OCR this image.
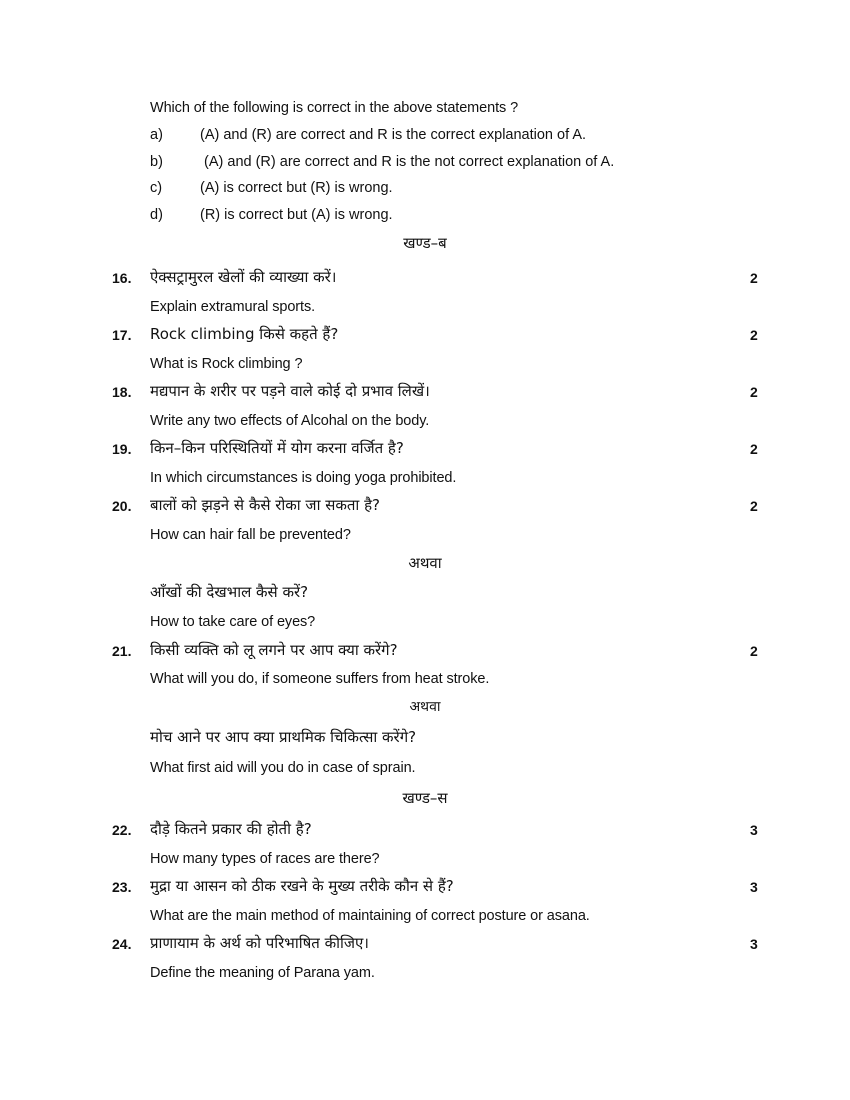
Which of the following is correct in the above statements ?
a)	(A) and (R) are correct and R is the correct explanation of A.
b)	(A) and (R) are correct and R is the not correct explanation of A.
c)	(A) is correct but (R) is wrong.
d)	(R) is correct but (A) is wrong.
खण्ड–ब
16. ऐक्सट्रामुरल खेलों की व्याख्या करें।	2
Explain extramural sports.
17. Rock climbing किसे कहते हैं?	2
What is Rock climbing ?
18. मद्यपान के शरीर पर पड़ने वाले कोई दो प्रभाव लिखें।	2
Write any two effects of Alcohal on the body.
19. किन–किन परिस्थितियों में योग करना वर्जित है?	2
In which circumstances is doing yoga prohibited.
20. बालों को झड़ने से कैसे रोका जा सकता है?	2
How can hair fall be prevented?
अथवा
आँखों की देखभाल कैसे करें?
How to take care of eyes?
21. किसी व्यक्ति को लू लगने पर आप क्या करेंगे?	2
What will you do, if someone suffers from heat stroke.
अथवा
मोच आने पर आप क्या प्राथमिक चिकित्सा करेंगे?
What first aid will you do in case of sprain.
खण्ड–स
22. दौड़े कितने प्रकार की होती है?	3
How many types of races are there?
23. मुद्रा या आसन को ठीक रखने के मुख्य तरीके कौन से हैं?	3
What are the main method of maintaining of correct posture or asana.
24. प्राणायाम के अर्थ को परिभाषित कीजिए।	3
Define the meaning of Parana yam.
